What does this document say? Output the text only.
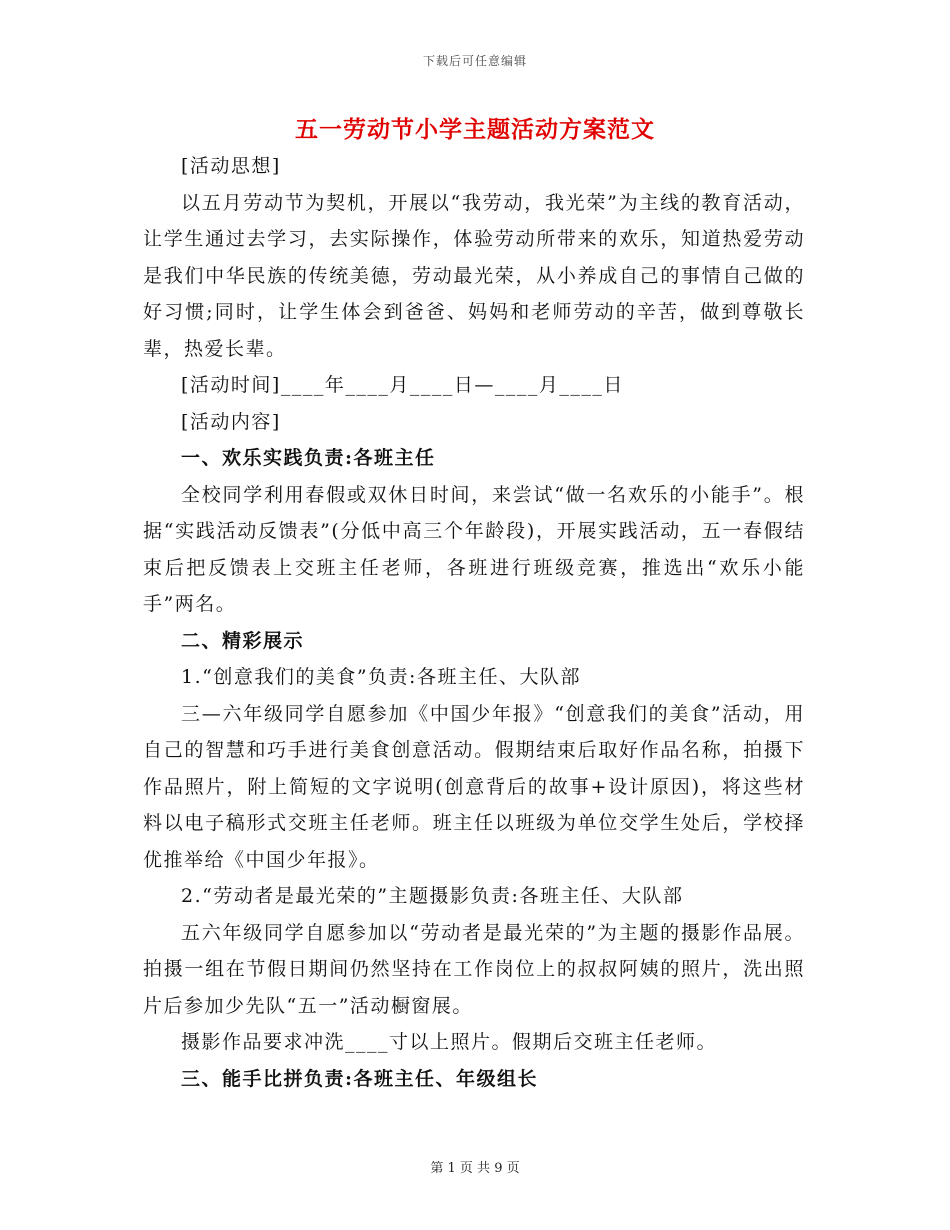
下载后可任意编辑
五一劳动节小学主题活动方案范文

[活动思想]

以五月劳动节为契机，开展以“我劳动，我光荣”为主线的教育活动，让学生通过去学习，去实际操作，体验劳动所带来的欢乐，知道热爱劳动是我们中华民族的传统美德，劳动最光荣，从小养成自己的事情自己做的好习惯;同时，让学生体会到爸爸、妈妈和老师劳动的辛苦，做到尊敬长辈，热爱长辈。

[活动时间]____年____月____日—____月____日

[活动内容]

一、欢乐实践负责:各班主任

全校同学利用春假或双休日时间，来尝试“做一名欢乐的小能手”。根据“实践活动反馈表”(分低中高三个年龄段)，开展实践活动，五一春假结束后把反馈表上交班主任老师，各班进行班级竞赛，推选出“欢乐小能手”两名。

二、精彩展示

1.“创意我们的美食”负责:各班主任、大队部

三—六年级同学自愿参加《中国少年报》“创意我们的美食”活动，用自己的智慧和巧手进行美食创意活动。假期结束后取好作品名称，拍摄下作品照片，附上简短的文字说明(创意背后的故事+设计原因)，将这些材料以电子稿形式交班主任老师。班主任以班级为单位交学生处后，学校择优推举给《中国少年报》。

2.“劳动者是最光荣的”主题摄影负责:各班主任、大队部

五六年级同学自愿参加以“劳动者是最光荣的”为主题的摄影作品展。拍摄一组在节假日期间仍然坚持在工作岗位上的叔叔阿姨的照片，洗出照片后参加少先队“五一”活动橱窗展。

摄影作品要求冲洗____寸以上照片。假期后交班主任老师。

三、能手比拼负责:各班主任、年级组长

第 1 页 共 9 页
